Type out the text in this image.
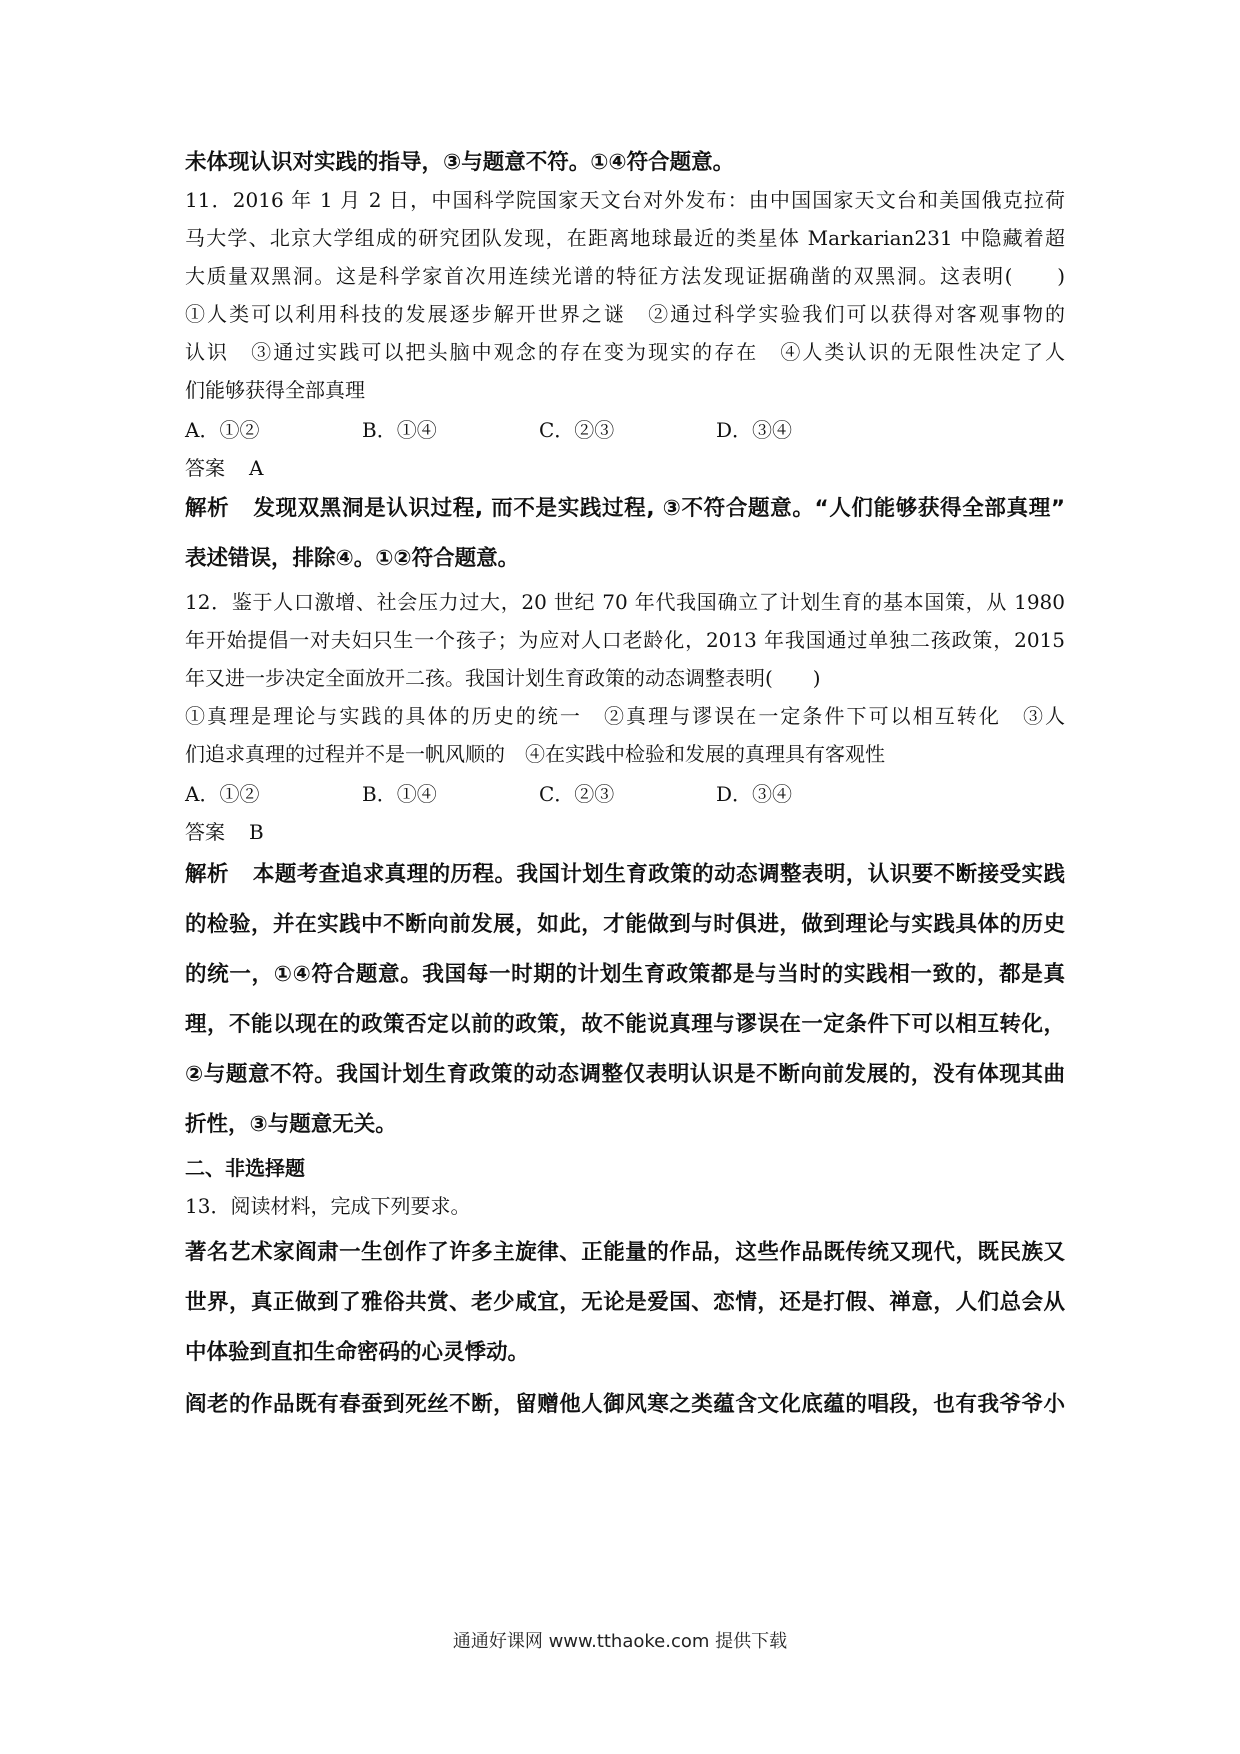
未体现认识对实践的指导，③与题意不符。①④符合题意。

11．2016 年 1 月 2 日，中国科学院国家天文台对外发布：由中国国家天文台和美国俄克拉荷

马大学、北京大学组成的研究团队发现，在距离地球最近的类星体 Markarian231 中隐藏着超

大质量双黑洞。这是科学家首次用连续光谱的特征方法发现证据确凿的双黑洞。这表明(　　)

①人类可以利用科技的发展逐步解开世界之谜　②通过科学实验我们可以获得对客观事物的

认识　③通过实践可以把头脑中观念的存在变为现实的存在　④人类认识的无限性决定了人

们能够获得全部真理

A．①②	B．①④	C．②③	D．③④

答案 A

解析 发现双黑洞是认识过程, 而不是实践过程, ③不符合题意。“人们能够获得全部真理”

表述错误，排除④。①②符合题意。

12．鉴于人口激增、社会压力过大，20 世纪 70 年代我国确立了计划生育的基本国策，从 1980

年开始提倡一对夫妇只生一个孩子；为应对人口老龄化，2013 年我国通过单独二孩政策，2015

年又进一步决定全面放开二孩。我国计划生育政策的动态调整表明(　　)

①真理是理论与实践的具体的历史的统一　②真理与谬误在一定条件下可以相互转化　③人

们追求真理的过程并不是一帆风顺的　④在实践中检验和发展的真理具有客观性

A．①②	B．①④	C．②③	D．③④

答案 B

解析 本题考查追求真理的历程。我国计划生育政策的动态调整表明，认识要不断接受实践

的检验，并在实践中不断向前发展，如此，才能做到与时俱进，做到理论与实践具体的历史

的统一，①④符合题意。我国每一时期的计划生育政策都是与当时的实践相一致的，都是真

理，不能以现在的政策否定以前的政策，故不能说真理与谬误在一定条件下可以相互转化，

②与题意不符。我国计划生育政策的动态调整仅表明认识是不断向前发展的，没有体现其曲

折性，③与题意无关。

二、非选择题

13．阅读材料，完成下列要求。

著名艺术家阎肃一生创作了许多主旋律、正能量的作品，这些作品既传统又现代，既民族又

世界，真正做到了雅俗共赏、老少咸宜，无论是爱国、恋情，还是打假、禅意，人们总会从

中体验到直扣生命密码的心灵悸动。

阎老的作品既有春蚕到死丝不断，留赠他人御风寒之类蕴含文化底蕴的唱段，也有我爷爷小

通通好课网 www.tthaoke.com 提供下载
